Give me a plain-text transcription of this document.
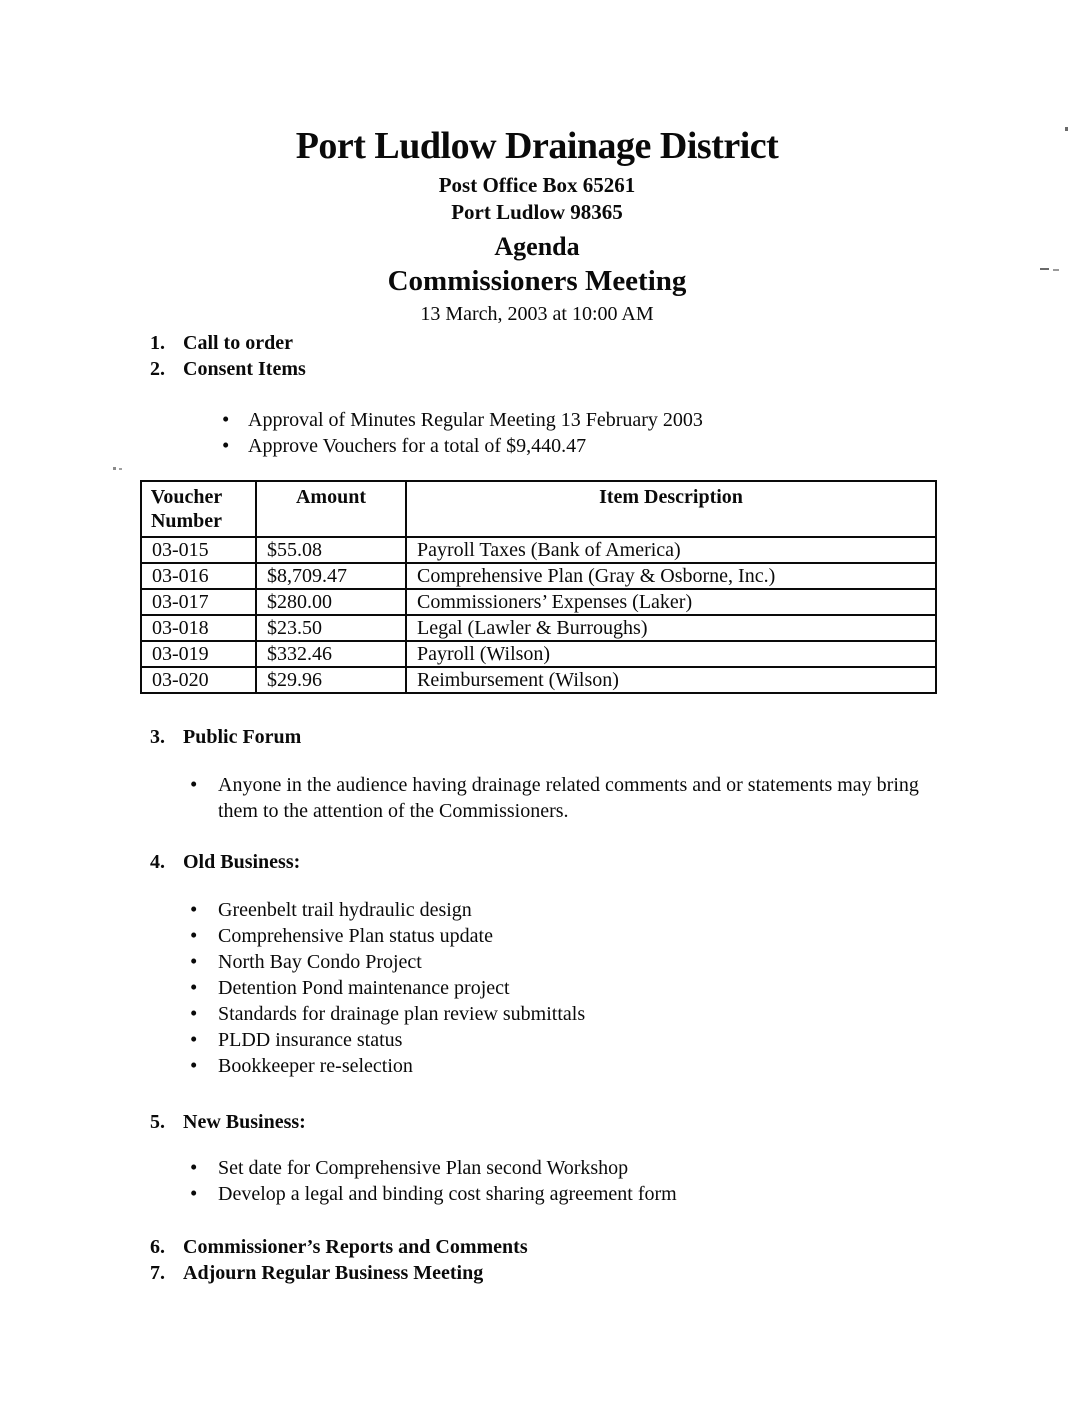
Port Ludlow Drainage District
Post Office Box 65261
Port Ludlow 98365
Agenda
Commissioners Meeting
13 March, 2003 at 10:00 AM
1. Call to order
2. Consent Items
• Approval of Minutes Regular Meeting 13 February 2003
• Approve Vouchers for a total of $9,440.47
Voucher Number	Amount	Item Description
03-015	$55.08	Payroll Taxes (Bank of America)
03-016	$8,709.47	Comprehensive Plan (Gray & Osborne, Inc.)
03-017	$280.00	Commissioners’ Expenses (Laker)
03-018	$23.50	Legal (Lawler & Burroughs)
03-019	$332.46	Payroll (Wilson)
03-020	$29.96	Reimbursement (Wilson)
3. Public Forum
• Anyone in the audience having drainage related comments and or statements may bring them to the attention of the Commissioners.
4. Old Business:
• Greenbelt trail hydraulic design
• Comprehensive Plan status update
• North Bay Condo Project
• Detention Pond maintenance project
• Standards for drainage plan review submittals
• PLDD insurance status
• Bookkeeper re-selection
5. New Business:
• Set date for Comprehensive Plan second Workshop
• Develop a legal and binding cost sharing agreement form
6. Commissioner’s Reports and Comments
7. Adjourn Regular Business Meeting
